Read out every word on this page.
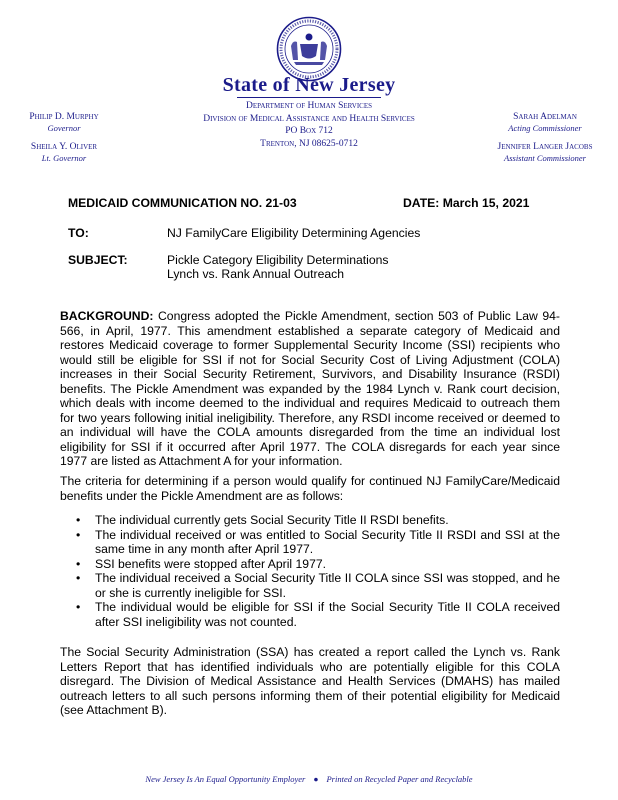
State of New Jersey
Department of Human Services
Division of Medical Assistance and Health Services
PO Box 712
Trenton, NJ 08625-0712
Philip D. Murphy
Governor
Sheila Y. Oliver
Lt. Governor
Sarah Adelman
Acting Commissioner
Jennifer Langer Jacobs
Assistant Commissioner
MEDICAID COMMUNICATION NO. 21-03	DATE: March 15, 2021
TO:	NJ FamilyCare Eligibility Determining Agencies
SUBJECT:	Pickle Category Eligibility Determinations
Lynch vs. Rank Annual Outreach
BACKGROUND: Congress adopted the Pickle Amendment, section 503 of Public Law 94-566, in April, 1977. This amendment established a separate category of Medicaid and restores Medicaid coverage to former Supplemental Security Income (SSI) recipients who would still be eligible for SSI if not for Social Security Cost of Living Adjustment (COLA) increases in their Social Security Retirement, Survivors, and Disability Insurance (RSDI) benefits. The Pickle Amendment was expanded by the 1984 Lynch v. Rank court decision, which deals with income deemed to the individual and requires Medicaid to outreach them for two years following initial ineligibility. Therefore, any RSDI income received or deemed to an individual will have the COLA amounts disregarded from the time an individual lost eligibility for SSI if it occurred after April 1977. The COLA disregards for each year since 1977 are listed as Attachment A for your information.
The criteria for determining if a person would qualify for continued NJ FamilyCare/Medicaid benefits under the Pickle Amendment are as follows:
• The individual currently gets Social Security Title II RSDI benefits.
• The individual received or was entitled to Social Security Title II RSDI and SSI at the same time in any month after April 1977.
• SSI benefits were stopped after April 1977.
• The individual received a Social Security Title II COLA since SSI was stopped, and he or she is currently ineligible for SSI.
• The individual would be eligible for SSI if the Social Security Title II COLA received after SSI ineligibility was not counted.
The Social Security Administration (SSA) has created a report called the Lynch vs. Rank Letters Report that has identified individuals who are potentially eligible for this COLA disregard. The Division of Medical Assistance and Health Services (DMAHS) has mailed outreach letters to all such persons informing them of their potential eligibility for Medicaid (see Attachment B).
New Jersey Is An Equal Opportunity Employer ● Printed on Recycled Paper and Recyclable
